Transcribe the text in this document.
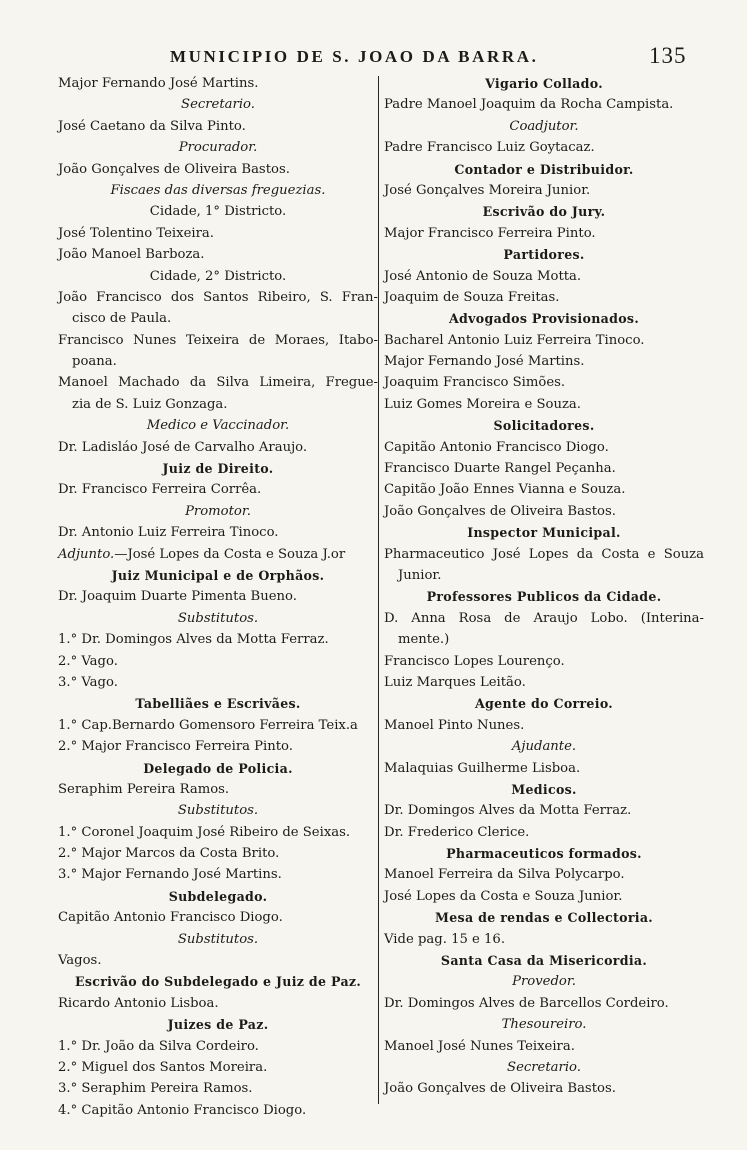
MUNICIPIO DE S. JOAO DA BARRA.	135
Major Fernando José Martins.
Secretario.
José Caetano da Silva Pinto.
Procurador.
João Gonçalves de Oliveira Bastos.
Fiscaes das diversas freguezias.
Cidade, 1° Districto.
José Tolentino Teixeira.
João Manoel Barboza.
Cidade, 2° Districto.
João Francisco dos Santos Ribeiro, S. Fran-
cisco de Paula.
Francisco Nunes Teixeira de Moraes, Itabo-
poana.
Manoel Machado da Silva Limeira, Fregue-
zia de S. Luiz Gonzaga.
Medico e Vaccinador.
Dr. Ladisláo José de Carvalho Araujo.
Juiz de Direito.
Dr. Francisco Ferreira Corrêa.
Promotor.
Dr. Antonio Luiz Ferreira Tinoco.
Adjunto.—José Lopes da Costa e Souza J.or
Juiz Municipal e de Orphãos.
Dr. Joaquim Duarte Pimenta Bueno.
Substitutos.
1.° Dr. Domingos Alves da Motta Ferraz.
2.° Vago.
3.° Vago.
Tabelliães e Escrivães.
1.° Cap.Bernardo Gomensoro Ferreira Teix.a
2.° Major Francisco Ferreira Pinto.
Delegado de Policia.
Seraphim Pereira Ramos.
Substitutos.
1.° Coronel Joaquim José Ribeiro de Seixas.
2.° Major Marcos da Costa Brito.
3.° Major Fernando José Martins.
Subdelegado.
Capitão Antonio Francisco Diogo.
Substitutos.
Vagos.
Escrivão do Subdelegado e Juiz de Paz.
Ricardo Antonio Lisboa.
Juizes de Paz.
1.° Dr. João da Silva Cordeiro.
2.° Miguel dos Santos Moreira.
3.° Seraphim Pereira Ramos.
4.° Capitão Antonio Francisco Diogo.
Vigario Collado.
Padre Manoel Joaquim da Rocha Campista.
Coadjutor.
Padre Francisco Luiz Goytacaz.
Contador e Distribuidor.
José Gonçalves Moreira Junior.
Escrivão do Jury.
Major Francisco Ferreira Pinto.
Partidores.
José Antonio de Souza Motta.
Joaquim de Souza Freitas.
Advogados Provisionados.
Bacharel Antonio Luiz Ferreira Tinoco.
Major Fernando José Martins.
Joaquim Francisco Simões.
Luiz Gomes Moreira e Souza.
Solicitadores.
Capitão Antonio Francisco Diogo.
Francisco Duarte Rangel Peçanha.
Capitão João Ennes Vianna e Souza.
João Gonçalves de Oliveira Bastos.
Inspector Municipal.
Pharmaceutico José Lopes da Costa e Souza
Junior.
Professores Publicos da Cidade.
D. Anna Rosa de Araujo Lobo. (Interina-
mente.)
Francisco Lopes Lourenço.
Luiz Marques Leitão.
Agente do Correio.
Manoel Pinto Nunes.
Ajudante.
Malaquias Guilherme Lisboa.
Medicos.
Dr. Domingos Alves da Motta Ferraz.
Dr. Frederico Clerice.
Pharmaceuticos formados.
Manoel Ferreira da Silva Polycarpo.
José Lopes da Costa e Souza Junior.
Mesa de rendas e Collectoria.
Vide pag. 15 e 16.
Santa Casa da Misericordia.
Provedor.
Dr. Domingos Alves de Barcellos Cordeiro.
Thesoureiro.
Manoel José Nunes Teixeira.
Secretario.
João Gonçalves de Oliveira Bastos.
